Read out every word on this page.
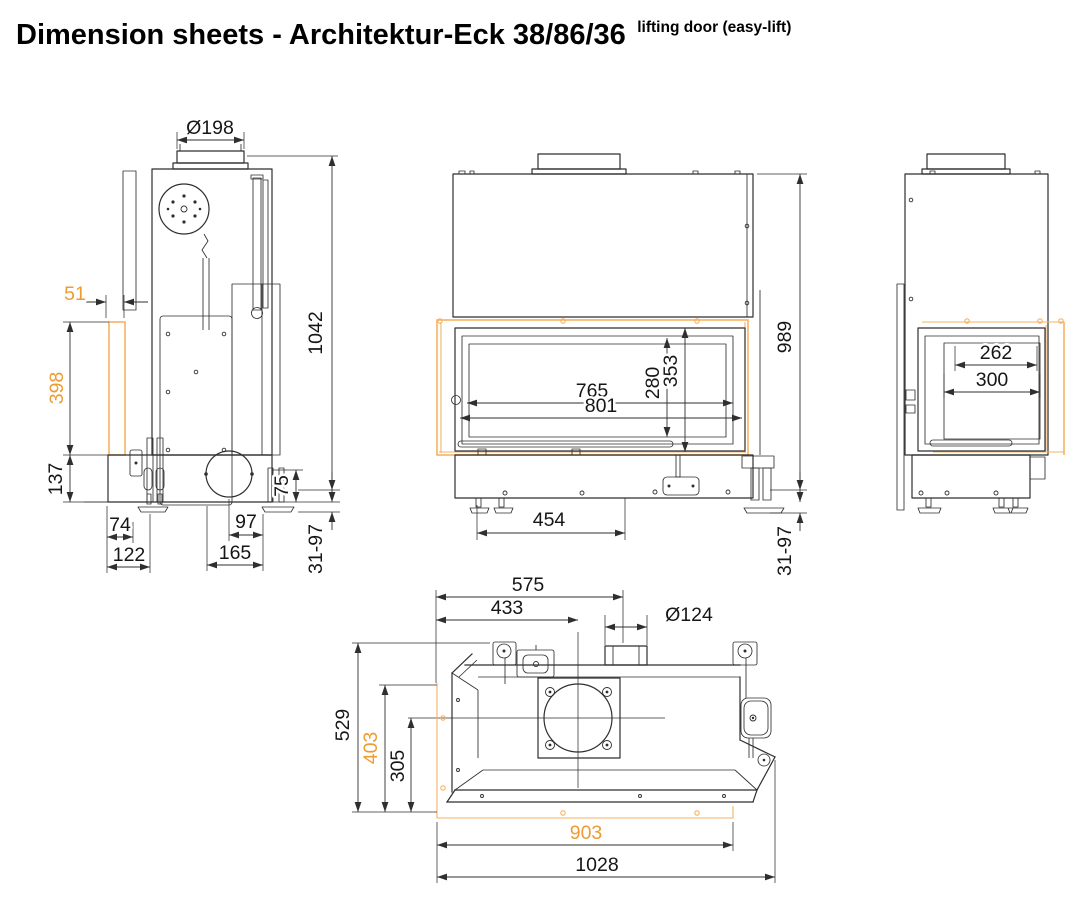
Dimension sheets - Architektur-Eck 38/86/36 lifting door (easy-lift)
Ø198
51
398
137	75
1042
31-97
74
122
97
165
765
801
280
353
989
454
31-97
262
300
575
433	Ø124
529
403
305
903
1028
